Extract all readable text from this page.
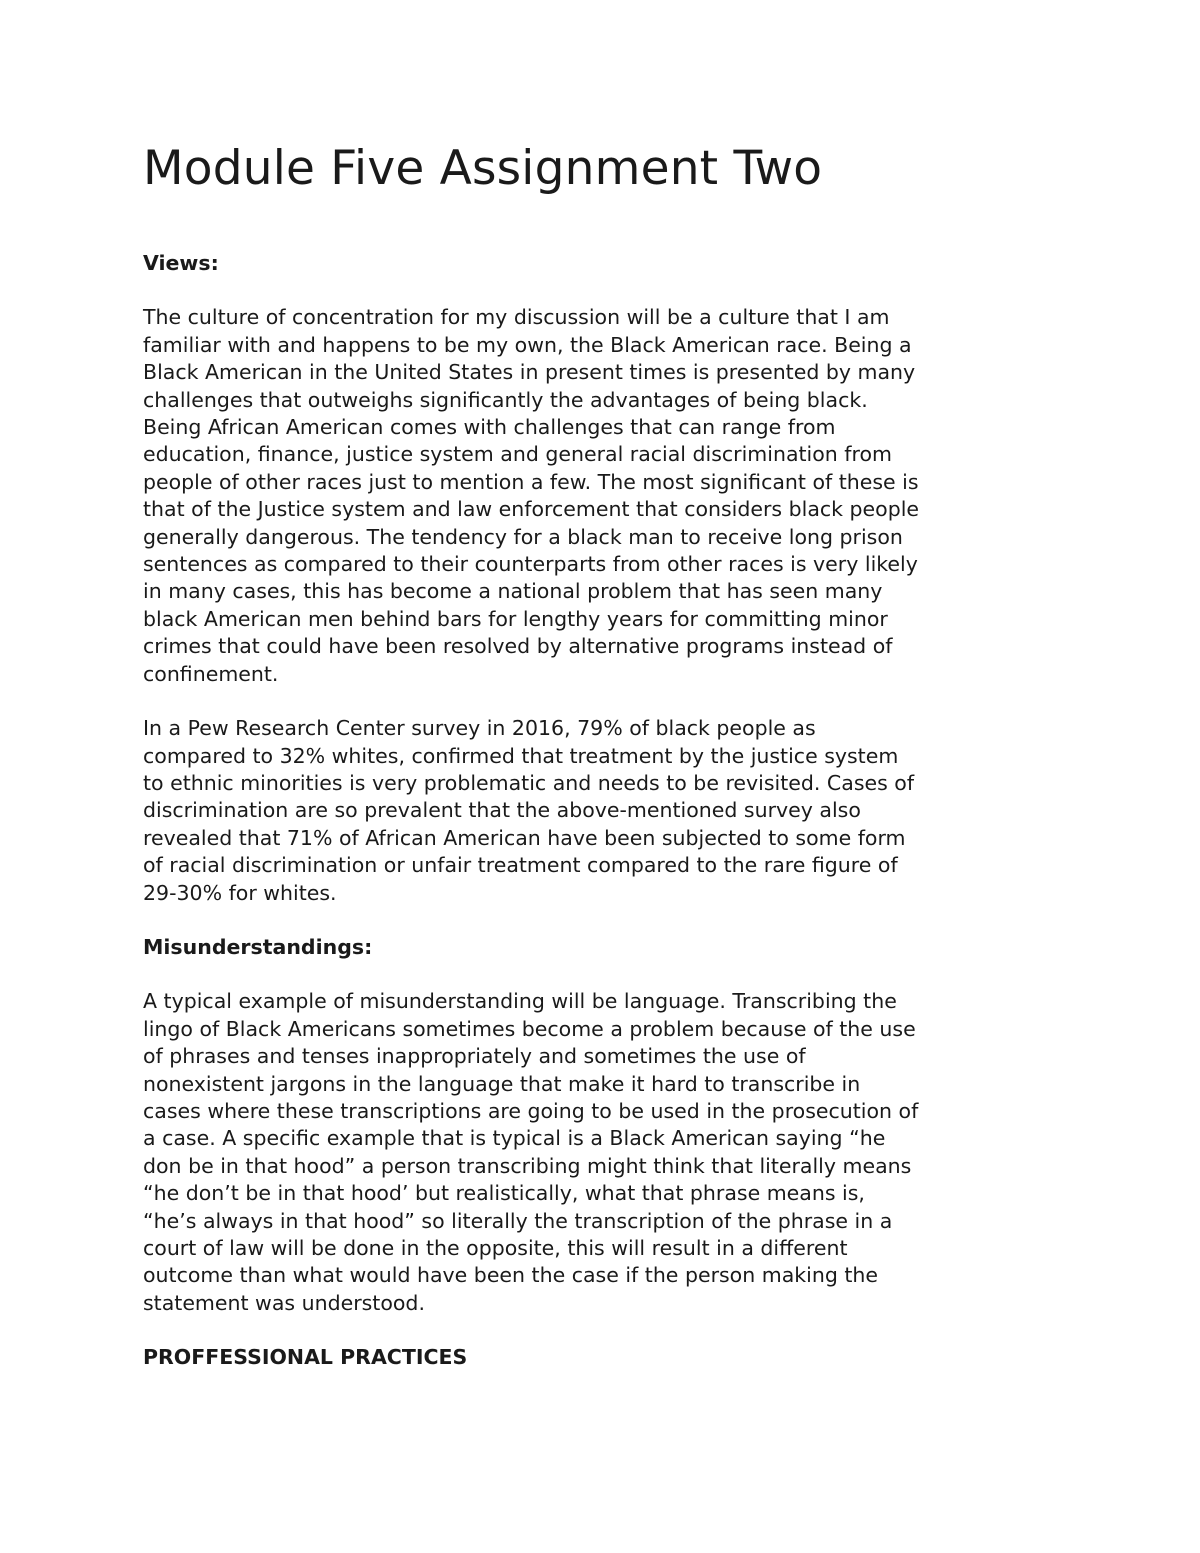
Module Five Assignment Two
Views:

The culture of concentration for my discussion will be a culture that I am
familiar with and happens to be my own, the Black American race. Being a
Black American in the United States in present times is presented by many
challenges that outweighs significantly the advantages of being black.
Being African American comes with challenges that can range from
education, finance, justice system and general racial discrimination from
people of other races just to mention a few. The most significant of these is
that of the Justice system and law enforcement that considers black people
generally dangerous. The tendency for a black man to receive long prison
sentences as compared to their counterparts from other races is very likely
in many cases, this has become a national problem that has seen many
black American men behind bars for lengthy years for committing minor
crimes that could have been resolved by alternative programs instead of
confinement.

In a Pew Research Center survey in 2016, 79% of black people as
compared to 32% whites, confirmed that treatment by the justice system
to ethnic minorities is very problematic and needs to be revisited. Cases of
discrimination are so prevalent that the above-mentioned survey also
revealed that 71% of African American have been subjected to some form
of racial discrimination or unfair treatment compared to the rare figure of
29-30% for whites.

Misunderstandings:

A typical example of misunderstanding will be language. Transcribing the
lingo of Black Americans sometimes become a problem because of the use
of phrases and tenses inappropriately and sometimes the use of
nonexistent jargons in the language that make it hard to transcribe in
cases where these transcriptions are going to be used in the prosecution of
a case. A specific example that is typical is a Black American saying “he
don be in that hood” a person transcribing might think that literally means
“he don’t be in that hood’ but realistically, what that phrase means is,
“he’s always in that hood” so literally the transcription of the phrase in a
court of law will be done in the opposite, this will result in a different
outcome than what would have been the case if the person making the
statement was understood.

PROFFESSIONAL PRACTICES
